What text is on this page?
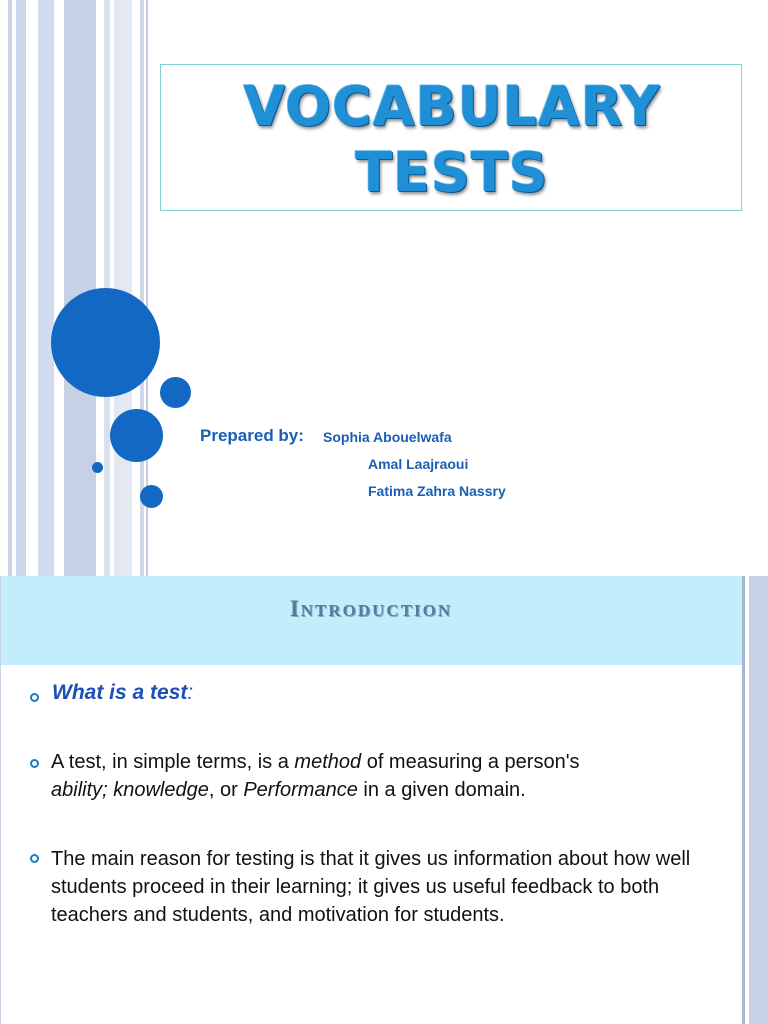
VOCABULARY
TESTS
Prepared by: Sophia Abouelwafa
Amal Laajraoui
Fatima Zahra Nassry
INTRODUCTION
What is a test:
A test, in simple terms, is a method of measuring a person's
ability; knowledge, or Performance in a given domain.
The main reason for testing is that it gives us information about how well students proceed in their learning; it gives us useful feedback to both teachers and students, and motivation for students.
